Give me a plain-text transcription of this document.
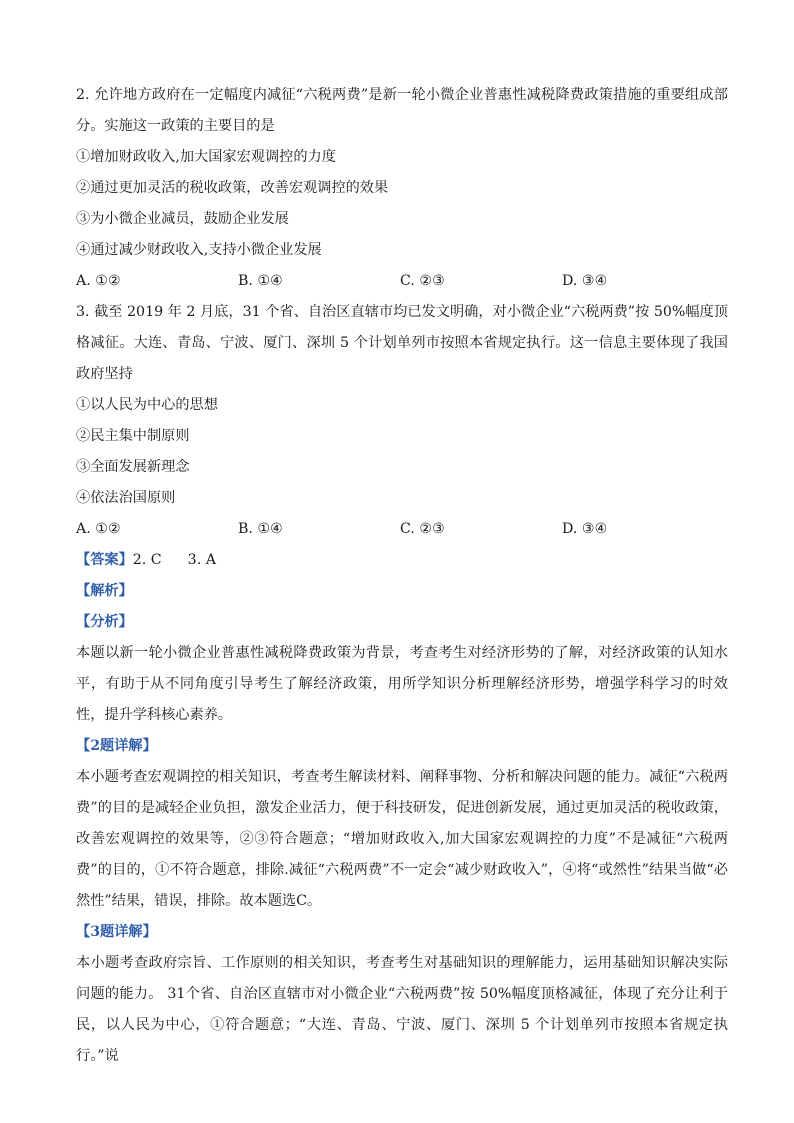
2. 允许地方政府在一定幅度内减征“六税两费”是新一轮小微企业普惠性减税降费政策措施的重要组成部分。实施这一政策的主要目的是
①增加财政收入,加大国家宏观调控的力度
②通过更加灵活的税收政策，改善宏观调控的效果
③为小微企业减员，鼓励企业发展
④通过减少财政收入,支持小微企业发展
A. ①②	B. ①④	C. ②③	D. ③④
3. 截至 2019 年 2 月底，31 个省、自治区直辖市均已发文明确，对小微企业“六税两费”按 50%幅度顶格减征。大连、青岛、宁波、厦门、深圳 5 个计划单列市按照本省规定执行。这一信息主要体现了我国政府坚持
①以人民为中心的思想
②民主集中制原则
③全面发展新理念
④依法治国原则
A. ①②	B. ①④	C. ②③	D. ③④
【答案】2. C 3. A
【解析】
【分析】
本题以新一轮小微企业普惠性减税降费政策为背景，考查考生对经济形势的了解，对经济政策的认知水平，有助于从不同角度引导考生了解经济政策，用所学知识分析理解经济形势，增强学科学习的时效性，提升学科核心素养。
【2题详解】
本小题考查宏观调控的相关知识，考查考生解读材料、阐释事物、分析和解决问题的能力。减征“六税两费”的目的是减轻企业负担，激发企业活力，便于科技研发，促进创新发展，通过更加灵活的税收政策，改善宏观调控的效果等，②③符合题意；“增加财政收入,加大国家宏观调控的力度”不是减征“六税两费”的目的，①不符合题意，排除.减征“六税两费”不一定会“减少财政收入”，④将“或然性”结果当做“必然性”结果，错误，排除。故本题选C。
【3题详解】
本小题考查政府宗旨、工作原则的相关知识，考查考生对基础知识的理解能力，运用基础知识解决实际问题的能力。 31个省、自治区直辖市对小微企业“六税两费”按 50%幅度顶格减征，体现了充分让利于民，以人民为中心，①符合题意；“大连、青岛、宁波、厦门、深圳 5 个计划单列市按照本省规定执行。”说
